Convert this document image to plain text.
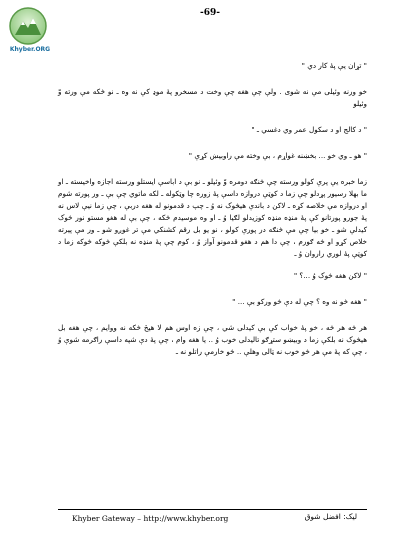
Khyber.ORG
-69-

" تړان يې پۀ کار دي "

خو ورنه وئيلى مې نه شوی . ولې چې هغه چې وخت د مسخرو پۀ موډ کې نه وه ـ نو څکه مې ورته وّ وئيلو

" د کالج او د سکول عمر وي دغسي ـ "

" هو ـ وي خو ... بخښنه غواړم ، بې وخته مې راوبيښ کړې "

زما خبره يې پرې کولو ورسته چې څنګه دومره وّ وئيلو ـ نو بې د اباسې ايستلو ورسته اجازه واخيسته ـ او ما بهلا رسيور پړدلو چې زما د کوټې دروازه داسې پۀ زوره چا وټکوله ـ لکه ماتوي چې بې ـ ور پورته شوم او دروازه مې خلاصه کړه ـ لاکن د باندې هيڅوک نه وُ ـ چپ د قدمونو له هغه دربې ، چې زما نيې لاس نه پۀ جورو پورتانو کې پۀ منډه منډه کوزيدلو لګيا وُ ـ او وه موسيدم څکه ، چې بې له هغو مستو نور څوک کيدلې شو ـ خو بيا چې مې څنګه در پورې کولو ، نو يو بل رقم کشنکي مې تر غوږو شو ـ ور مې پيرته خلاص کړو او څه ګورم ، چې دا هم د هغو قدمونو آواز وُ ، کوم چې پۀ منډه نه بلکې څوکه څوکه زما د کوټې پۀ لوري راروان وُ ـ

" لاکن هغه څوک وُ ...؟ "

" هغه څو نه وه ؟ چې له دې څو ورکو بې ... "

هر څه هر څه ، خو پۀ خواب کې بې کيدلی شي ، چې زه اوس هم لا هيڅ څکه نه ووايم ، چې هغه بل هيڅوک نه بلکې زما د وبيښو ستړګو تاليدلی خوب وُ .. يا هغه وام ، چې پۀ دې شپه داسې راګرمه شوې وُ ، چې که پۀ مې هر څو خوب نه ټالی وهلې .. څو خارمې راتلو نه ـ

Khyber Gateway – http://www.khyber.org	ليک: افضل شوق
